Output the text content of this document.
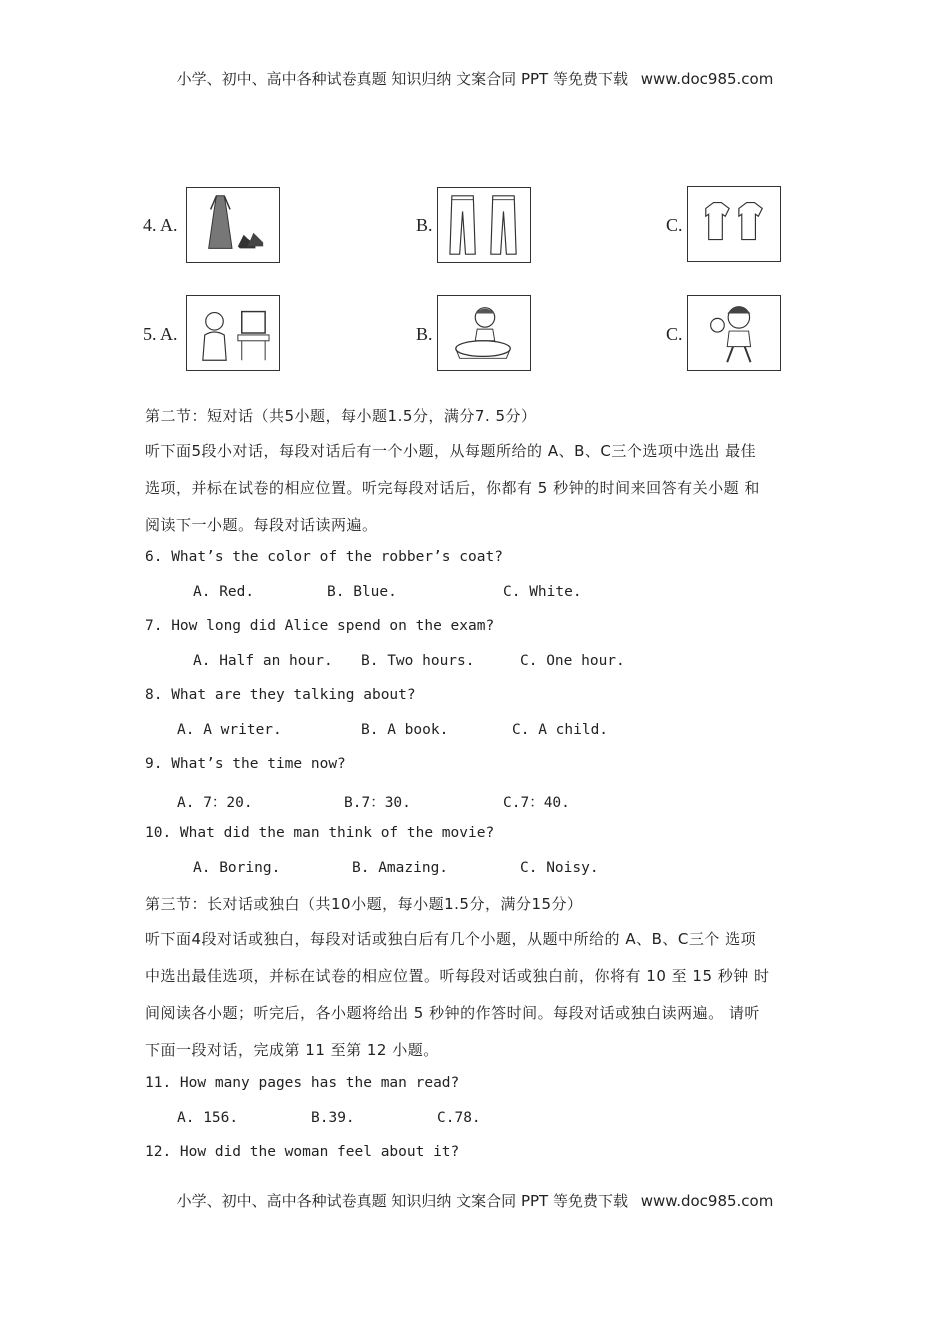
小学、初中、高中各种试卷真题 知识归纳 文案合同 PPT 等免费下载 www.doc985.com
4. A.	B.	C.
5. A.	B.	C.
第二节：短对话（共5小题，每小题1.5分，满分7. 5分）
听下面5段小对话，每段对话后有一个小题，从每题所给的 A、B、C三个选项中选出 最佳
选项，并标在试卷的相应位置。听完每段对话后，你都有 5 秒钟的时间来回答有关小题 和
阅读下一小题。每段对话读两遍。
6. What’s the color of the robber’s coat?
A. Red.	B. Blue.	C. White.
7. How long did Alice spend on the exam?
A. Half an hour. B. Two hours.	C. One hour.
8. What are they talking about?
A. A writer.	B. A book.	C. A child.
9. What’s the time now?
A. 7：20.	B.7：30.	C.7：40.
10. What did the man think of the movie?
A. Boring.	B. Amazing.	C. Noisy.
第三节：长对话或独白（共10小题，每小题1.5分，满分15分）
听下面4段对话或独白，每段对话或独白后有几个小题，从题中所给的 A、B、C三个 选项
中选出最佳选项，并标在试卷的相应位置。听每段对话或独白前，你将有 10 至 15 秒钟 时
间阅读各小题；听完后，各小题将给出 5 秒钟的作答时间。每段对话或独白读两遍。 请听
下面一段对话，完成第 11 至第 12 小题。
11. How many pages has the man read?
A. 156.	B.39.	C.78.
12. How did the woman feel about it?
小学、初中、高中各种试卷真题 知识归纳 文案合同 PPT 等免费下载 www.doc985.com
